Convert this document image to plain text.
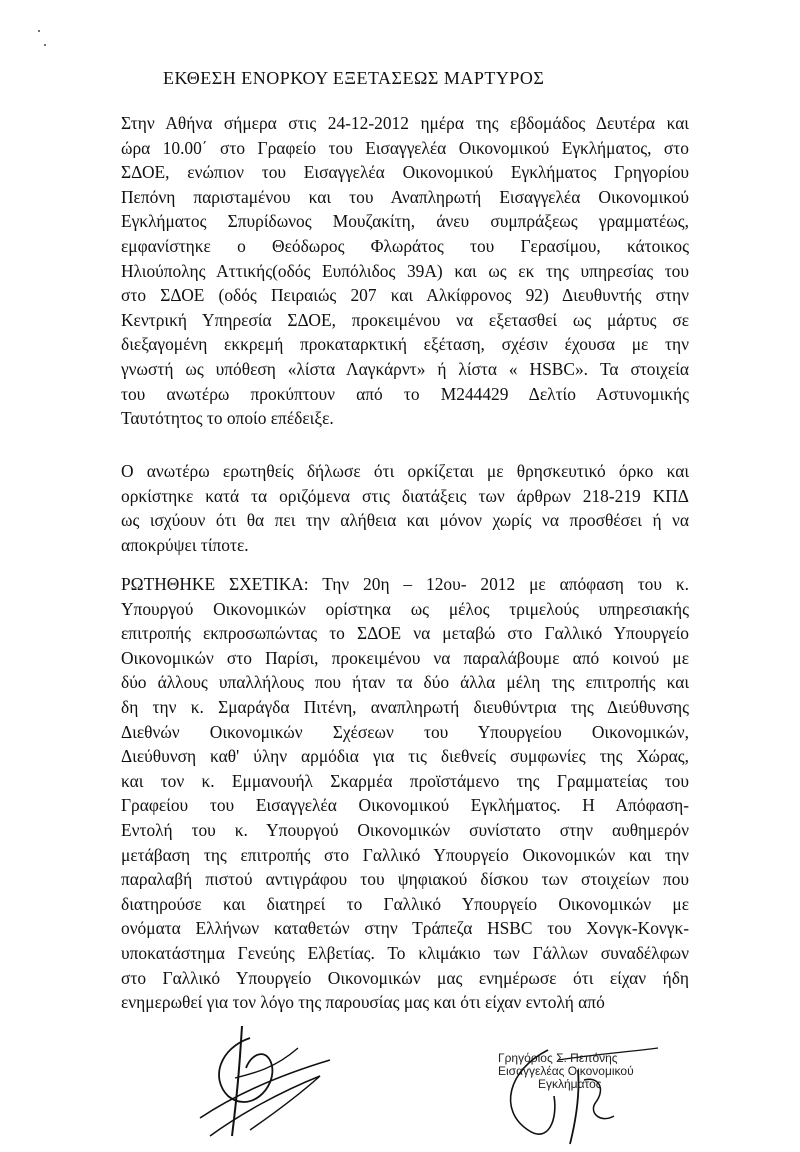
ΕΚΘΕΣΗ ΕΝΟΡΚΟΥ ΕΞΕΤΑΣΕΩΣ ΜΑΡΤΥΡΟΣ
Στην Αθήνα σήμερα στις 24-12-2012 ημέρα της εβδομάδος Δευτέρα και
ώρα 10.00΄ στο Γραφείο του Εισαγγελέα Οικονομικού Εγκλήματος, στο
ΣΔΟΕ, ενώπιον του Εισαγγελέα Οικονομικού Εγκλήματος Γρηγορίου
Πεπόνη παριστaμένου και του Αναπληρωτή Εισαγγελέα Οικονομικού
Εγκλήματος Σπυρίδωνος Μουζακίτη, άνευ συμπράξεως γραμματέως,
εμφανίστηκε ο Θεόδωρος Φλωράτος του Γερασίμου, κάτοικος
Ηλιούπολης Αττικής(οδός Ευπόλιδος 39Α) και ως εκ της υπηρεσίας του
στο ΣΔΟΕ (οδός Πειραιώς 207 και Αλκίφρονος 92) Διευθυντής στην
Κεντρική Υπηρεσία ΣΔΟΕ, προκειμένου να εξετασθεί ως μάρτυς σε
διεξαγομένη εκκρεμή προκαταρκτική εξέταση, σχέσιν έχουσα με την
γνωστή ως υπόθεση «λίστα Λαγκάρντ» ή λίστα « HSBC». Τα στοιχεία
του ανωτέρω προκύπτουν από το Μ244429 Δελτίο Αστυνομικής
Ταυτότητος το οποίο επέδειξε.
Ο ανωτέρω ερωτηθείς δήλωσε ότι ορκίζεται με θρησκευτικό όρκο και
ορκίστηκε κατά τα οριζόμενα στις διατάξεις των άρθρων 218-219 ΚΠΔ
ως ισχύουν ότι θα πει την αλήθεια και μόνον χωρίς να προσθέσει ή να
αποκρύψει τίποτε.
ΡΩΤΗΘΗΚΕ ΣΧΕΤΙΚΑ: Την 20η – 12ου- 2012 με απόφαση του κ.
Υπουργού Οικονομικών ορίστηκα ως μέλος τριμελούς υπηρεσιακής
επιτροπής εκπροσωπώντας το ΣΔΟΕ να μεταβώ στο Γαλλικό Υπουργείο
Οικονομικών στο Παρίσι, προκειμένου να παραλάβουμε από κοινού με
δύο άλλους υπαλλήλους που ήταν τα δύο άλλα μέλη της επιτροπής και
δη την κ. Σμαράγδα Πιτένη, αναπληρωτή διευθύντρια της Διεύθυνσης
Διεθνών Οικονομικών Σχέσεων του Υπουργείου Οικονομικών,
Διεύθυνση καθ' ύλην αρμόδια για τις διεθνείς συμφωνίες της Χώρας,
και τον κ. Εμμανουήλ Σκαρμέα προϊστάμενο της Γραμματείας του
Γραφείου του Εισαγγελέα Οικονομικού Εγκλήματος. Η Απόφαση-
Εντολή του κ. Υπουργού Οικονομικών συνίστατο στην αυθημερόν
μετάβαση της επιτροπής στο Γαλλικό Υπουργείο Οικονομικών και την
παραλαβή πιστού αντιγράφου του ψηφιακού δίσκου των στοιχείων που
διατηρούσε και διατηρεί το Γαλλικό Υπουργείο Οικονομικών με
ονόματα Ελλήνων καταθετών στην Τράπεζα HSBC του Χονγκ-Κονγκ-
υποκατάστημα Γενεύης Ελβετίας. Το κλιμάκιο των Γάλλων συναδέλφων
στο Γαλλικό Υπουργείο Οικονομικών μας ενημέρωσε ότι είχαν ήδη
ενημερωθεί για τον λόγο της παρουσίας μας και ότι είχαν εντολή από
Γρηγόριος Σ. Πεπόνης
Εισαγγελέας Οικονομικού
Εγκλήματος
